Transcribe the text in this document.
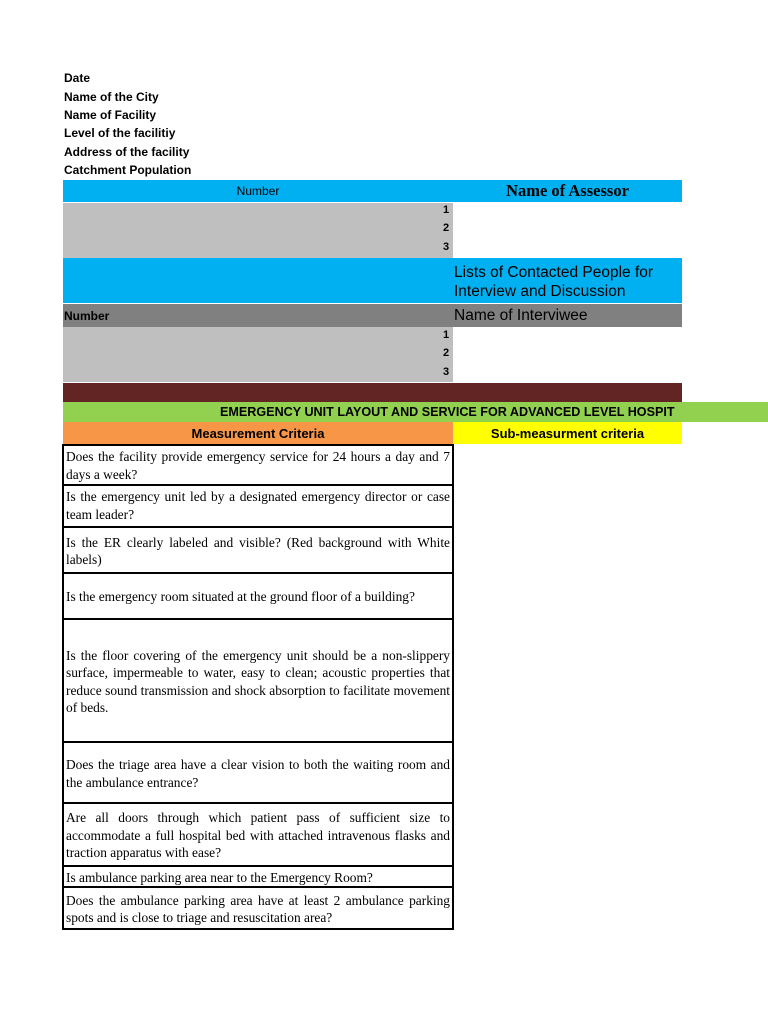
Date
Name of the City
Name of Facility
Level of the facilitiy
Address of the facility
Catchment Population
Number	Name of Assessor
1
2
3
Lists of Contacted People for Interview and Discussion
Number	Name of Interviwee
1
2
3
EMERGENCY UNIT LAYOUT AND SERVICE FOR ADVANCED LEVEL HOSPIT
Measurement Criteria	Sub-measurment criteria
Does the facility provide emergency service for 24 hours a day and 7 days a week?
Is the emergency unit led by a designated emergency director or case team leader?
Is the ER clearly labeled and visible? (Red background with White labels)
Is the emergency room situated at the ground floor of a building?
Is the floor covering of the emergency unit should be a non-slippery surface, impermeable to water, easy to clean; acoustic properties that reduce sound transmission and shock absorption to facilitate movement of beds.
Does the triage area have a clear vision to both the waiting room and the ambulance entrance?
Are all doors through which patient pass of sufficient size to accommodate a full hospital bed with attached intravenous flasks and traction apparatus with ease?
Is ambulance parking area near to the Emergency Room?
Does the ambulance parking area have at least 2 ambulance parking spots and is close to triage and resuscitation area?
